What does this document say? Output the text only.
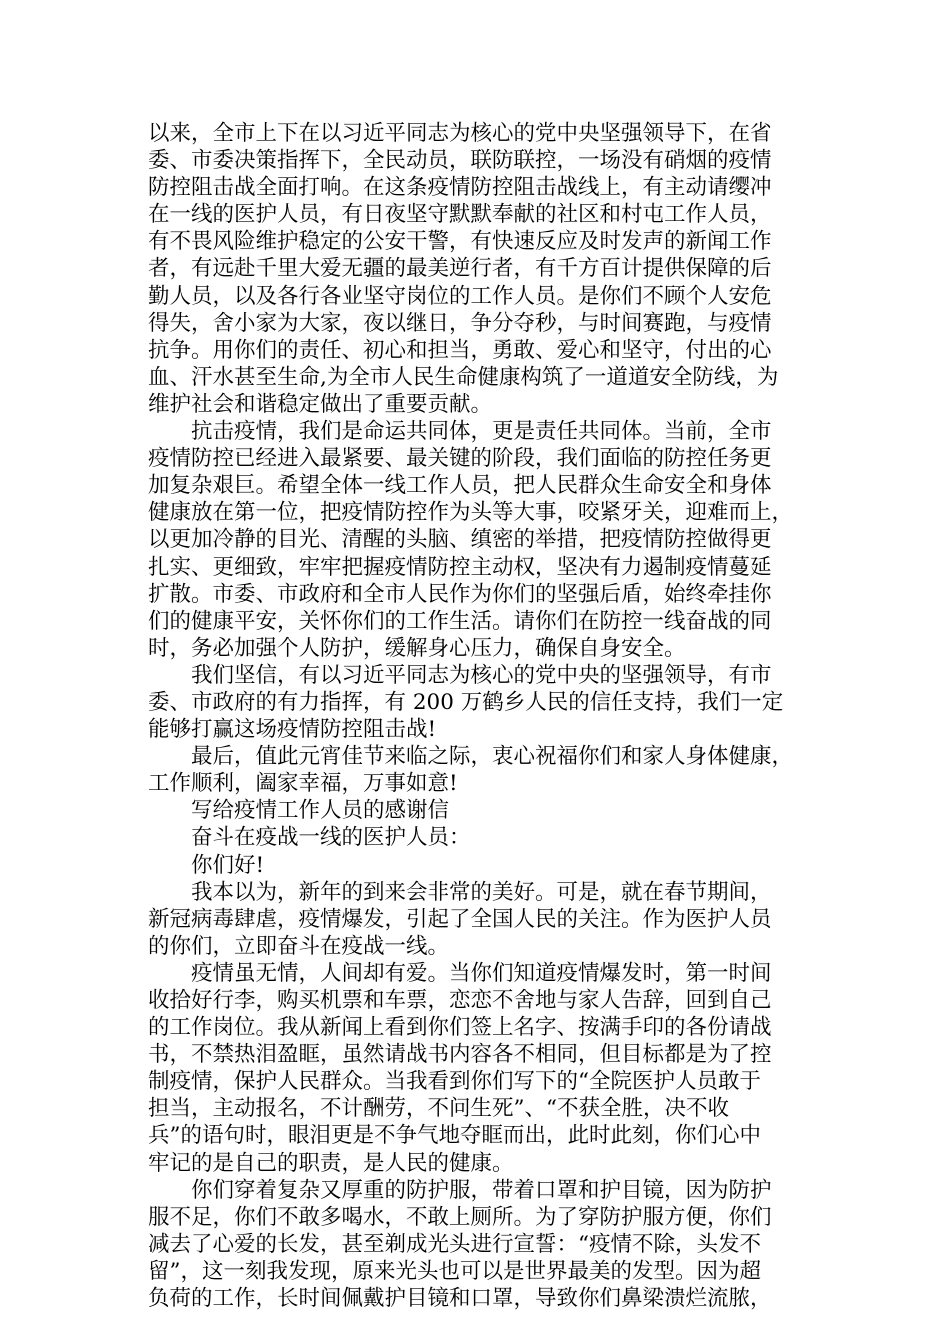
以来，全市上下在以习近平同志为核心的党中央坚强领导下，在省
委、市委决策指挥下，全民动员，联防联控，一场没有硝烟的疫情
防控阻击战全面打响。在这条疫情防控阻击战线上，有主动请缨冲
在一线的医护人员，有日夜坚守默默奉献的社区和村屯工作人员，
有不畏风险维护稳定的公安干警，有快速反应及时发声的新闻工作
者，有远赴千里大爱无疆的最美逆行者，有千方百计提供保障的后
勤人员，以及各行各业坚守岗位的工作人员。是你们不顾个人安危
得失，舍小家为大家，夜以继日，争分夺秒，与时间赛跑，与疫情
抗争。用你们的责任、初心和担当，勇敢、爱心和坚守，付出的心
血、汗水甚至生命,为全市人民生命健康构筑了一道道安全防线，为
维护社会和谐稳定做出了重要贡献。
抗击疫情，我们是命运共同体，更是责任共同体。当前，全市
疫情防控已经进入最紧要、最关键的阶段，我们面临的防控任务更
加复杂艰巨。希望全体一线工作人员，把人民群众生命安全和身体
健康放在第一位，把疫情防控作为头等大事，咬紧牙关，迎难而上，
以更加冷静的目光、清醒的头脑、缜密的举措，把疫情防控做得更
扎实、更细致，牢牢把握疫情防控主动权，坚决有力遏制疫情蔓延
扩散。市委、市政府和全市人民作为你们的坚强后盾，始终牵挂你
们的健康平安，关怀你们的工作生活。请你们在防控一线奋战的同
时，务必加强个人防护，缓解身心压力，确保自身安全。
我们坚信，有以习近平同志为核心的党中央的坚强领导，有市
委、市政府的有力指挥，有 200 万鹤乡人民的信任支持，我们一定
能够打赢这场疫情防控阻击战!
最后，值此元宵佳节来临之际，衷心祝福你们和家人身体健康，
工作顺利，阖家幸福，万事如意!
写给疫情工作人员的感谢信
奋斗在疫战一线的医护人员：
你们好!
我本以为，新年的到来会非常的美好。可是，就在春节期间，
新冠病毒肆虐，疫情爆发，引起了全国人民的关注。作为医护人员
的你们，立即奋斗在疫战一线。
疫情虽无情，人间却有爱。当你们知道疫情爆发时，第一时间
收拾好行李，购买机票和车票，恋恋不舍地与家人告辞，回到自己
的工作岗位。我从新闻上看到你们签上名字、按满手印的各份请战
书，不禁热泪盈眶，虽然请战书内容各不相同，但目标都是为了控
制疫情，保护人民群众。当我看到你们写下的“全院医护人员敢于
担当，主动报名，不计酬劳，不问生死”、“不获全胜，决不收
兵”的语句时，眼泪更是不争气地夺眶而出，此时此刻，你们心中
牢记的是自己的职责，是人民的健康。
你们穿着复杂又厚重的防护服，带着口罩和护目镜，因为防护
服不足，你们不敢多喝水，不敢上厕所。为了穿防护服方便，你们
减去了心爱的长发，甚至剃成光头进行宣誓：“疫情不除，头发不
留”，这一刻我发现，原来光头也可以是世界最美的发型。因为超
负荷的工作，长时间佩戴护目镜和口罩，导致你们鼻梁溃烂流脓，
